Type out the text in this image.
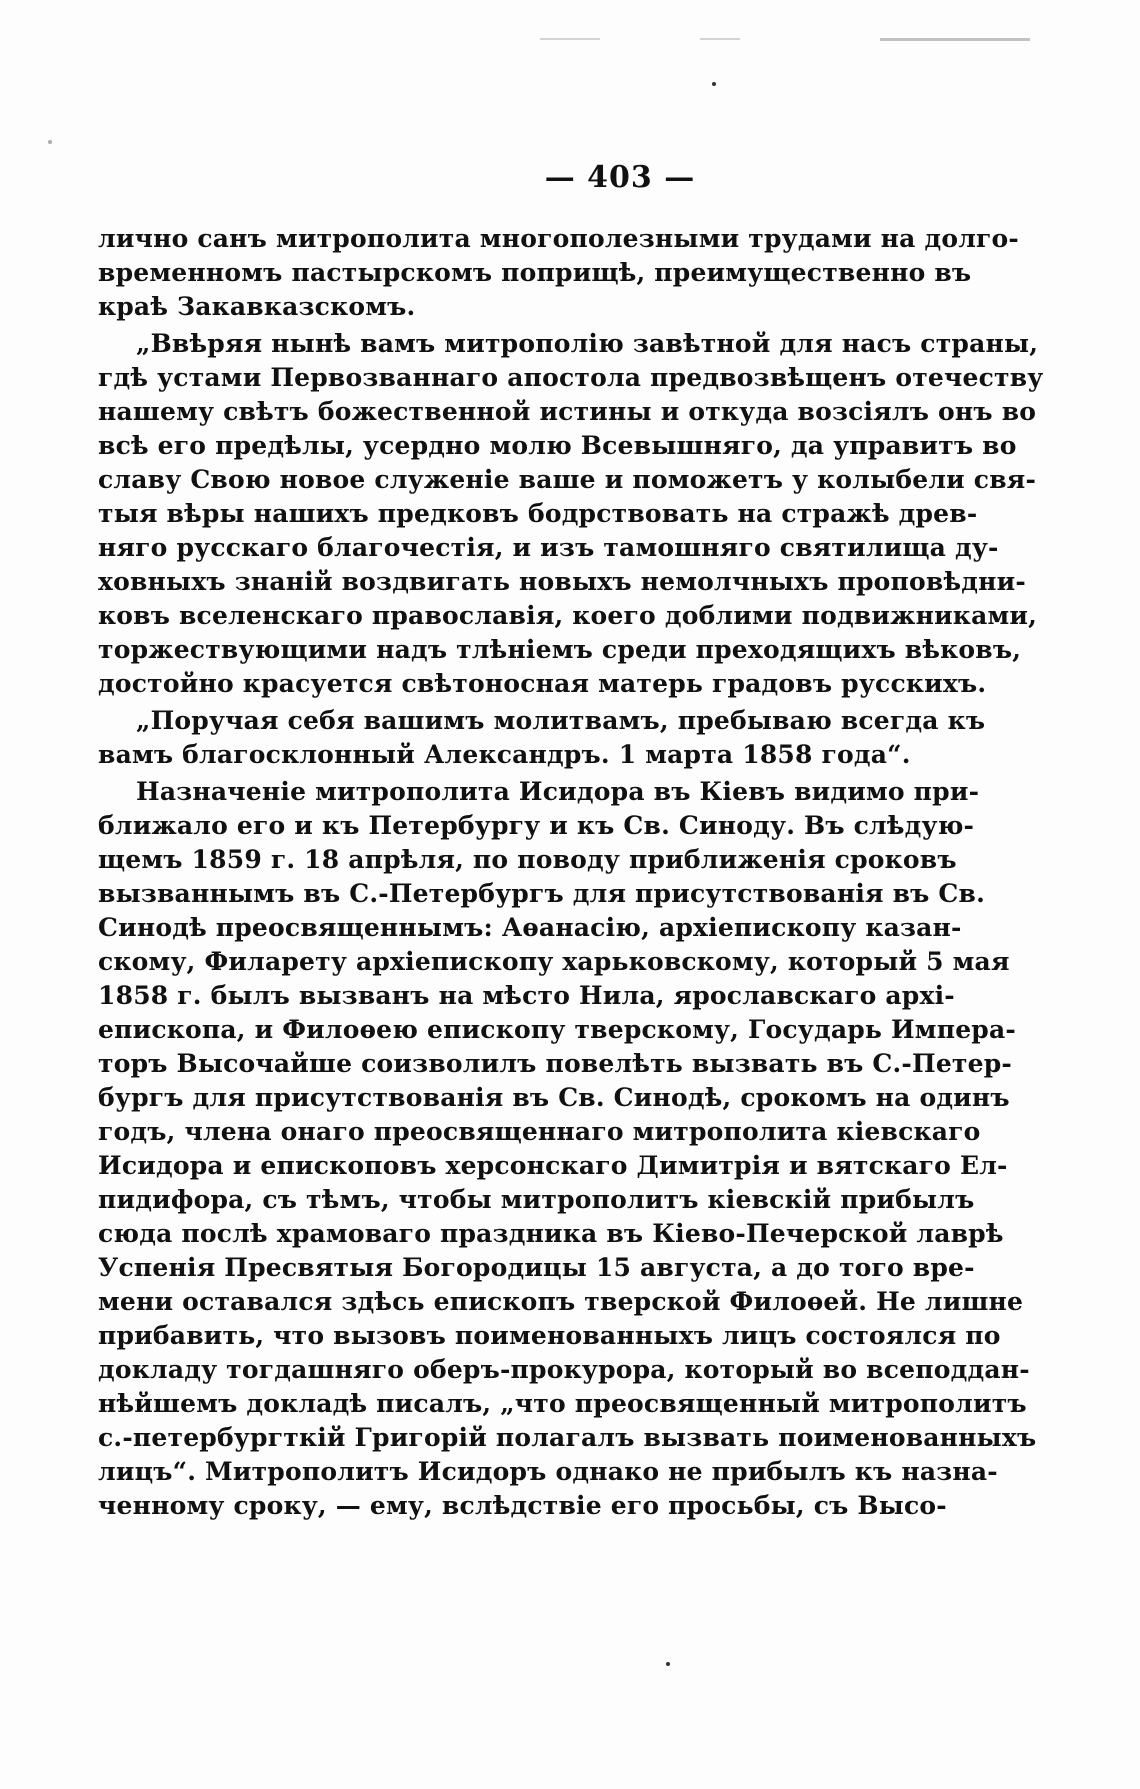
— 403 —
лично санъ митрополита многополезными трудами на долго-
временномъ пастырскомъ поприщѣ, преимущественно въ
краѣ Закавказскомъ.
„Ввѣряя нынѣ вамъ митрополію завѣтной для насъ страны,
гдѣ устами Первозваннаго апостола предвозвѣщенъ отечеству
нашему свѣтъ божественной истины и откуда возсіялъ онъ во
всѣ его предѣлы, усердно молю Всевышняго, да управитъ во
славу Свою новое служеніе ваше и поможетъ у колыбели свя-
тыя вѣры нашихъ предковъ бодрствовать на стражѣ древ-
няго русскаго благочестія, и изъ тамошняго святилища ду-
ховныхъ знаній воздвигать новыхъ немолчныхъ проповѣдни-
ковъ вселенскаго православія, коего доблими подвижниками,
торжествующими надъ тлѣніемъ среди преходящихъ вѣковъ,
достойно красуется свѣтоносная матерь градовъ русскихъ.
„Поручая себя вашимъ молитвамъ, пребываю всегда къ
вамъ благосклонный Александръ. 1 марта 1858 года“.
Назначеніе митрополита Исидора въ Кіевъ видимо при-
ближало его и къ Петербургу и къ Св. Синоду. Въ слѣдую-
щемъ 1859 г. 18 апрѣля, по поводу приближенія сроковъ
вызваннымъ въ С.-Петербургъ для присутствованія въ Св.
Синодѣ преосвященнымъ: Аѳанасію, архіепископу казан-
скому, Филарету архіепископу харьковскому, который 5 мая
1858 г. былъ вызванъ на мѣсто Нила, ярославскаго архі-
епископа, и Филоѳею епископу тверскому, Государь Импера-
торъ Высочайше соизволилъ повелѣть вызвать въ С.-Петер-
бургъ для присутствованія въ Св. Синодѣ, срокомъ на одинъ
годъ, члена онаго преосвященнаго митрополита кіевскаго
Исидора и епископовъ херсонскаго Димитрія и вятскаго Ел-
пидифора, съ тѣмъ, чтобы митрополитъ кіевскій прибылъ
сюда послѣ храмоваго праздника въ Кіево-Печерской лаврѣ
Успенія Пресвятыя Богородицы 15 августа, а до того вре-
мени оставался здѣсь епископъ тверской Филоѳей. Не лишне
прибавить, что вызовъ поименованныхъ лицъ состоялся по
докладу тогдашняго оберъ-прокурора, который во всеподдан-
нѣйшемъ докладѣ писалъ, „что преосвященный митрополитъ
с.-петербургткій Григорій полагалъ вызвать поименованныхъ
лицъ“. Митрополитъ Исидоръ однако не прибылъ къ назна-
ченному сроку, — ему, вслѣдствіе его просьбы, съ Высо-
